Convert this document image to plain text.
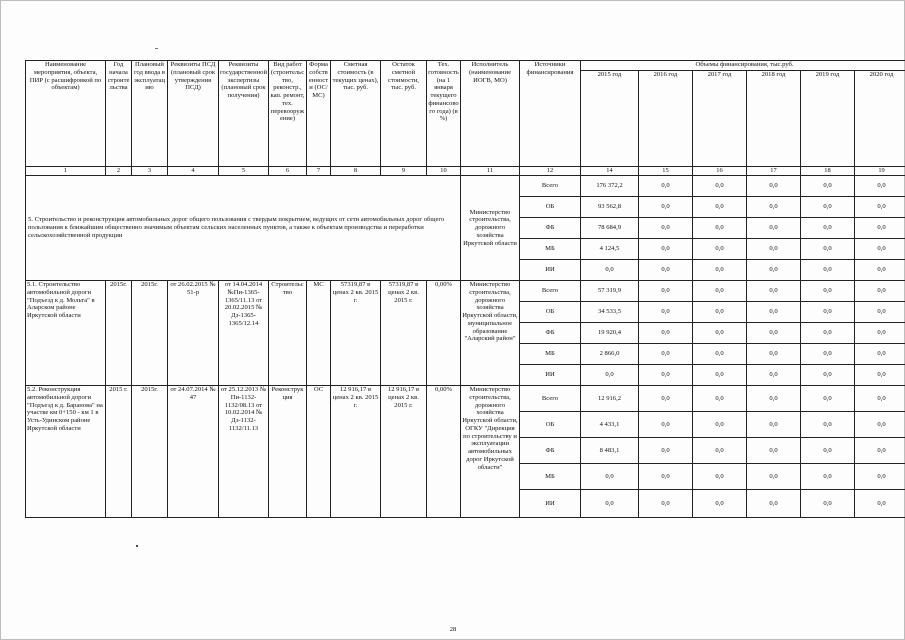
Наименование мероприятия, объекта, ПИР (с расшифровкой по объектам)	Год начала строительства	Плановый год ввода в эксплуатацию	Реквизиты ПСД (плановый срок утверждения ПСД)	Реквизиты государственной экспертизы (плановый срок получения)	Вид работ (строительство, реконстр., кап. ремонт, тех. перевооружение)	Форма собственности (ОС/МС)	Сметная стоимость (в текущих ценах), тыс. руб.	Остаток сметной стоимости, тыс. руб.	Тех. готовность (на 1 января текущего финансового года) (в %)	Исполнитель (наименование ИОГВ, МО)	Источники финансирования	Объемы финансирования, тыс.руб.					
												2015 год	2016 год	2017 год	2018 год	2019 год	2020 год
1	2	3	4	5	6	7	8	9	10	11	12	14	15	16	17	18	19
5. Строительство и реконструкция автомобильных дорог общего пользования с твердым покрытием, ведущих от сети автомобильных дорог общего пользования к ближайшим общественно значимым объектам сельских населенных пунктов, а также к объектам производства и переработки сельскохозяйственной продукции										Министерство строительства, дорожного хозяйства Иркутской области	Всего	176 372,2	0,0	0,0	0,0	0,0	0,0
											ОБ	93 562,8	0,0	0,0	0,0	0,0	0,0
											ФБ	78 684,9	0,0	0,0	0,0	0,0	0,0
											МБ	4 124,5	0,0	0,0	0,0	0,0	0,0
											ИИ	0,0	0,0	0,0	0,0	0,0	0,0
5.1. Строительство автомобильной дороги "Подъезд к д. Мольта" в Аларском районе Иркутской области	2015г.	2015г.	от 26.02.2015 № 51-р	от 14.04.2014 №Пи-1365-1365/11.13 от 20.02.2015 № Дз-1365-1365/12.14	Строительство	МС	57319,87 в ценах 2 кв. 2015 г.	57319,87 в ценах 2 кв. 2015 г.	0,00%	Министерство строительства, дорожного хозяйства Иркутской области, муниципальное образование "Аларский район"	Всего	57 319,9	0,0	0,0	0,0	0,0	0,0
											ОБ	34 533,5	0,0	0,0	0,0	0,0	0,0
											ФБ	19 920,4	0,0	0,0	0,0	0,0	0,0
											МБ	2 866,0	0,0	0,0	0,0	0,0	0,0
											ИИ	0,0	0,0	0,0	0,0	0,0	0,0
5.2. Реконструкция автомобильной дороги "Подъезд к д. Баранова" на участке км 0+150 - км 1 в Усть-Удинском районе Иркутской области	2015 г.	2015г.	от 24.07.2014 № 47	от 25.12.2013 № Пи-1132-1132/08.13 от 10.02.2014 № Дз-1132-1132/11.13	Реконструкция	ОС	12 916,17 в ценах 2 кв. 2015 г.	12 916,17 в ценах 2 кв. 2015 г.	0,00%	Министерство строительства, дорожного хозяйства Иркутской области, ОГКУ "Дирекция по строительству и эксплуатации автомобильных дорог Иркутской области"	Всего	12 916,2	0,0	0,0	0,0	0,0	0,0
											ОБ	4 433,1	0,0	0,0	0,0	0,0	0,0
											ФБ	8 483,1	0,0	0,0	0,0	0,0	0,0
											МБ	0,0	0,0	0,0	0,0	0,0	0,0
											ИИ	0,0	0,0	0,0	0,0	0,0	0,0
28
